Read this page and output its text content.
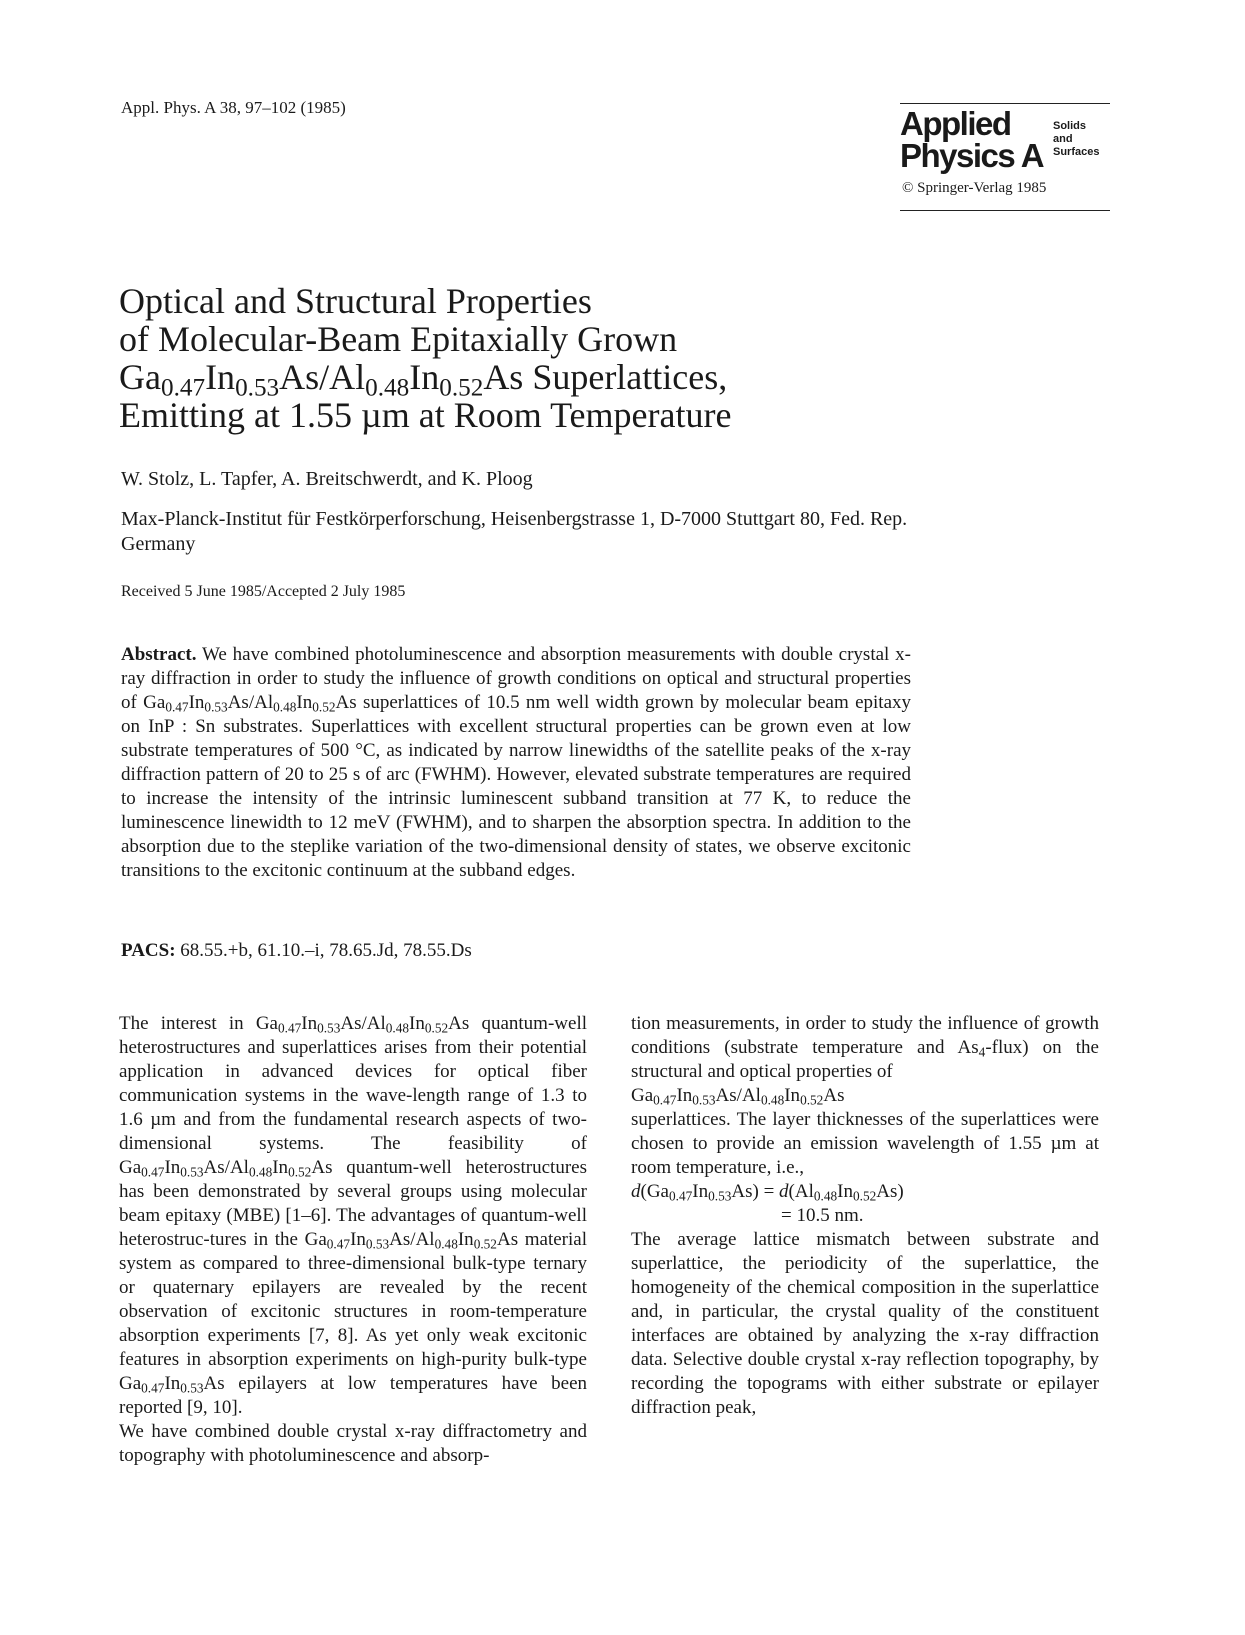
Appl. Phys. A 38, 97–102 (1985)	Applied
Physics A
Solids
and
Surfaces
© Springer-Verlag 1985
Optical and Structural Properties
of Molecular-Beam Epitaxially Grown
$Ga_{0.47}In_{0.53}As/Al_{0.48}In_{0.52}As$ Superlattices,
Emitting at 1.55 µm at Room Temperature
W. Stolz, L. Tapfer, A. Breitschwerdt, and K. Ploog
Max-Planck-Institut für Festkörperforschung, Heisenbergstrasse 1, D-7000 Stuttgart 80, Fed. Rep. Germany
Received 5 June 1985/Accepted 2 July 1985
Abstract. We have combined photoluminescence and absorption measurements with double crystal x-ray diffraction in order to study the influence of growth conditions on optical and structural properties of $Ga_{0.47}In_{0.53}As/Al_{0.48}In_{0.52}As$ superlattices of 10.5 nm well width grown by molecular beam epitaxy on InP : Sn substrates. Superlattices with excellent structural properties can be grown even at low substrate temperatures of 500 °C, as indicated by narrow linewidths of the satellite peaks of the x-ray diffraction pattern of 20 to 25 s of arc (FWHM). However, elevated substrate temperatures are required to increase the intensity of the intrinsic luminescent subband transition at 77 K, to reduce the luminescence linewidth to 12 meV (FWHM), and to sharpen the absorption spectra. In addition to the absorption due to the steplike variation of the two-dimensional density of states, we observe excitonic transitions to the excitonic continuum at the subband edges.
PACS: 68.55.+b, 61.10.–i, 78.65.Jd, 78.55.Ds

The interest in $Ga_{0.47}In_{0.53}As/Al_{0.48}In_{0.52}As$ quantum-well heterostructures and superlattices arises from their potential application in advanced devices for optical fiber communication systems in the wave-length range of 1.3 to 1.6 µm and from the fundamental research aspects of two-dimensional systems. The feasibility of $Ga_{0.47}In_{0.53}As/Al_{0.48}In_{0.52}As$ quantum-well heterostructures has been demonstrated by several groups using molecular beam epitaxy (MBE) [1–6]. The advantages of quantum-well heterostruc-tures in the $Ga_{0.47}In_{0.53}As/Al_{0.48}In_{0.52}As$ material system as compared to three-dimensional bulk-type ternary or quaternary epilayers are revealed by the recent observation of excitonic structures in room-temperature absorption experiments [7, 8]. As yet only weak excitonic features in absorption experiments on high-purity bulk-type $Ga_{0.47}In_{0.53}As$ epilayers at low temperatures have been reported [9, 10].

We have combined double crystal x-ray diffractometry and topography with photoluminescence and absorp-

tion measurements, in order to study the influence of growth conditions (substrate temperature and $As_4-flux$) on the structural and optical properties of

$Ga_{0.47}In_{0.53}As/Al_{0.48}In_{0.52}As$

superlattices. The layer thicknesses of the superlattices were chosen to provide an emission wavelength of 1.55 µm at room temperature, i.e.,

$d(Ga_{0.47}In_{0.53}As) = d(Al_{0.48}In_{0.52}As)$

= 10.5 nm.

The average lattice mismatch between substrate and superlattice, the periodicity of the superlattice, the homogeneity of the chemical composition in the superlattice and, in particular, the crystal quality of the constituent interfaces are obtained by analyzing the x-ray diffraction data. Selective double crystal x-ray reflection topography, by recording the topograms with either substrate or epilayer diffraction peak,
